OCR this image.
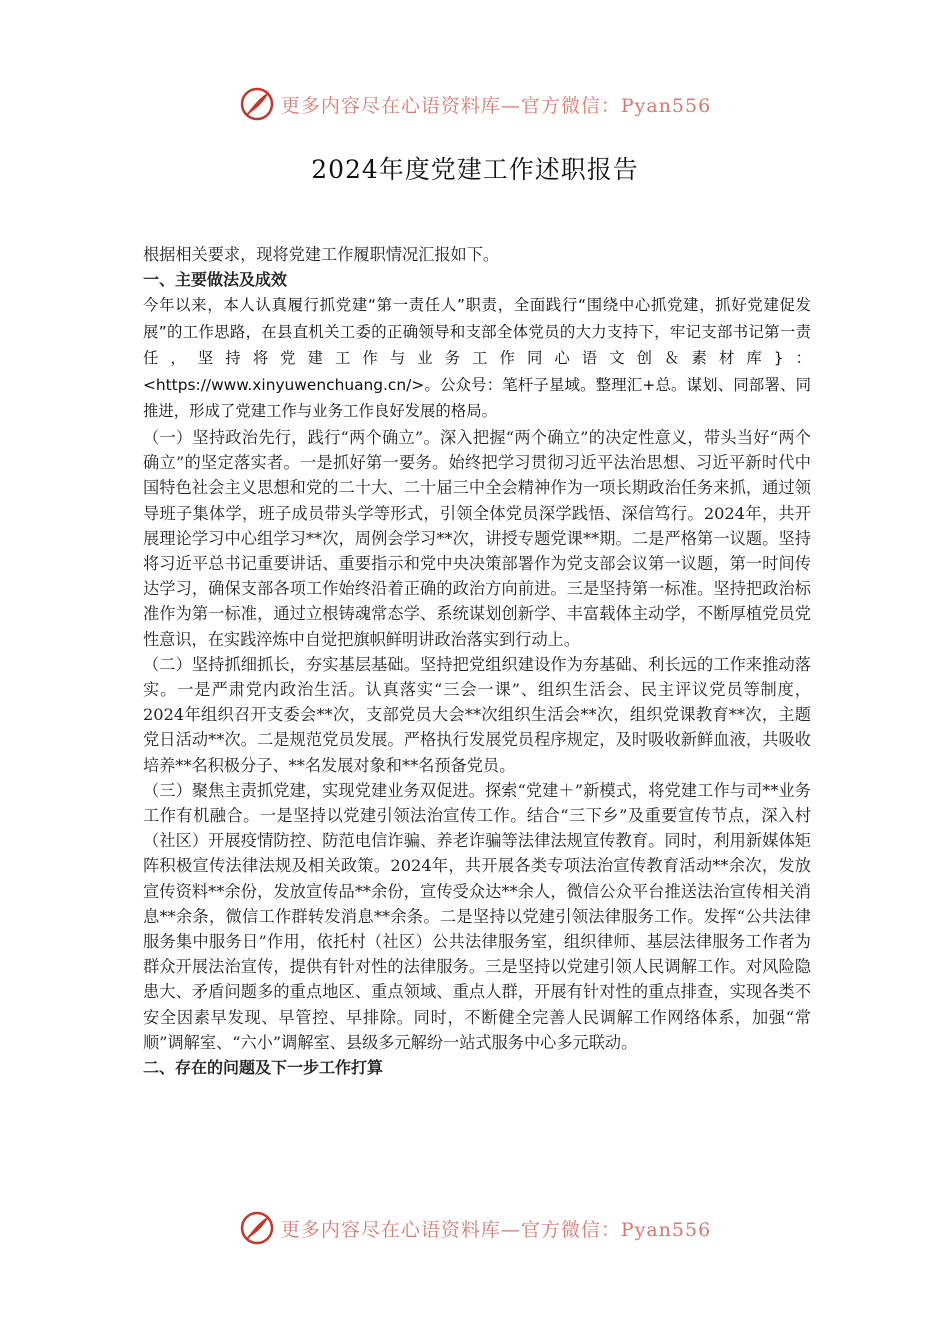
更多内容尽在心语资料库—官方微信：Pyan556
2024年度党建工作述职报告

根据相关要求，现将党建工作履职情况汇报如下。

一、主要做法及成效

今年以来，本人认真履行抓党建“第一责任人”职责，全面践行“围绕中心抓党建，抓好党建促发展”的工作思路，在县直机关工委的正确领导和支部全体党员的大力支持下，牢记支部书记第一责任，坚持将党建工作与业务工作同心语文创＆素材库}：<https://www.xinyuwenchuang.cn/>。公众号：笔杆子星域。整理汇+总。谋划、同部署、同推进，形成了党建工作与业务工作良好发展的格局。

（一）坚持政治先行，践行“两个确立”。深入把握“两个确立”的决定性意义，带头当好“两个确立”的坚定落实者。一是抓好第一要务。始终把学习贯彻习近平法治思想、习近平新时代中国特色社会主义思想和党的二十大、二十届三中全会精神作为一项长期政治任务来抓，通过领导班子集体学，班子成员带头学等形式，引领全体党员深学践悟、深信笃行。2024年，共开展理论学习中心组学习**次，周例会学习**次，讲授专题党课**期。二是严格第一议题。坚持将习近平总书记重要讲话、重要指示和党中央决策部署作为党支部会议第一议题，第一时间传达学习，确保支部各项工作始终沿着正确的政治方向前进。三是坚持第一标准。坚持把政治标准作为第一标准，通过立根铸魂常态学、系统谋划创新学、丰富载体主动学，不断厚植党员党性意识，在实践淬炼中自觉把旗帜鲜明讲政治落实到行动上。

（二）坚持抓细抓长，夯实基层基础。坚持把党组织建设作为夯基础、利长远的工作来推动落实。一是严肃党内政治生活。认真落实“三会一课”、组织生活会、民主评议党员等制度，2024年组织召开支委会**次，支部党员大会**次组织生活会**次，组织党课教育**次，主题党日活动**次。二是规范党员发展。严格执行发展党员程序规定，及时吸收新鲜血液，共吸收培养**名积极分子、**名发展对象和**名预备党员。

（三）聚焦主责抓党建，实现党建业务双促进。探索“党建＋”新模式，将党建工作与司**业务工作有机融合。一是坚持以党建引领法治宣传工作。结合“三下乡”及重要宣传节点，深入村（社区）开展疫情防控、防范电信诈骗、养老诈骗等法律法规宣传教育。同时，利用新媒体矩阵积极宣传法律法规及相关政策。2024年，共开展各类专项法治宣传教育活动**余次，发放宣传资料**余份，发放宣传品**余份，宣传受众达**余人，微信公众平台推送法治宣传相关消息**余条，微信工作群转发消息**余条。二是坚持以党建引领法律服务工作。发挥“公共法律服务集中服务日”作用，依托村（社区）公共法律服务室，组织律师、基层法律服务工作者为群众开展法治宣传，提供有针对性的法律服务。三是坚持以党建引领人民调解工作。对风险隐患大、矛盾问题多的重点地区、重点领域、重点人群，开展有针对性的重点排查，实现各类不安全因素早发现、早管控、早排除。同时，不断健全完善人民调解工作网络体系，加强“常顺”调解室、“六小”调解室、县级多元解纷一站式服务中心多元联动。

二、存在的问题及下一步工作打算

更多内容尽在心语资料库—官方微信：Pyan556
